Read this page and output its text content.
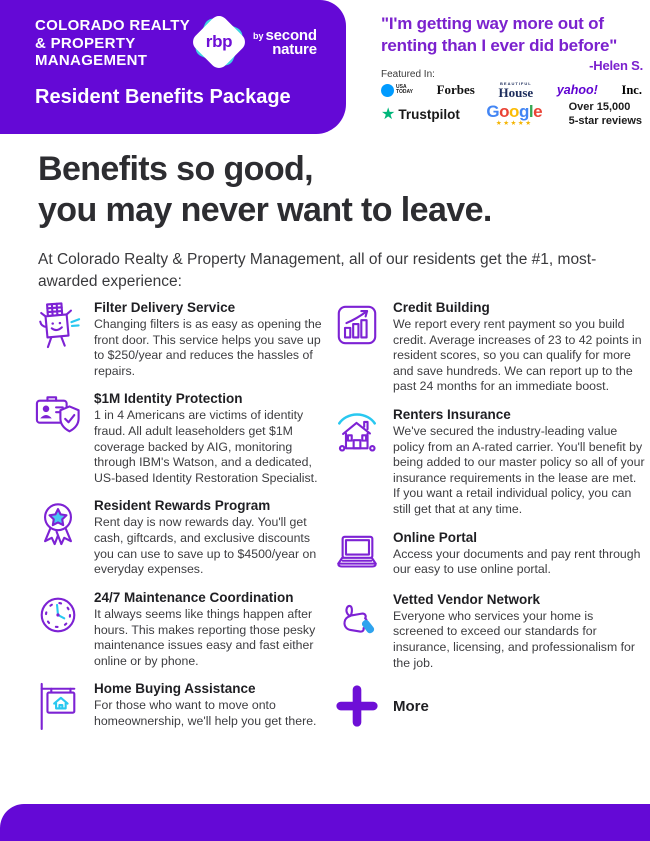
COLORADO REALTY
& PROPERTY
MANAGEMENT
rbp	by second
nature
Resident Benefits Package
"I'm getting way more out of
renting than I ever did before"
-Helen S.
Featured In:
USA
TODAY Forbes	BEAUTIFUL
House yahoo! Inc.
★ Trustpilot Google
★★★★★
Over 15,000
5-star reviews
Benefits so good,
you may never want to leave.
At Colorado Realty & Property Management, all of our residents get the #1, most-awarded experience:
Filter Delivery Service
Changing filters is as easy as opening the front door. This service helps you save up to $250/year and reduces the hassles of repairs.
$1M Identity Protection
1 in 4 Americans are victims of identity fraud. All adult leaseholders get $1M coverage backed by AIG, monitoring through IBM's Watson, and a dedicated, US-based Identity Restoration Specialist.
Resident Rewards Program
Rent day is now rewards day. You'll get cash, giftcards, and exclusive discounts you can use to save up to $4500/year on everyday expenses.
24/7 Maintenance Coordination
It always seems like things happen after hours. This makes reporting those pesky maintenance issues easy and fast either online or by phone.
Home Buying Assistance
For those who want to move onto homeownership, we'll help you get there.
Credit Building
We report every rent payment so you build credit. Average increases of 23 to 42 points in resident scores, so you can qualify for more and save hundreds. We can report up to the past 24 months for an immediate boost.
Renters Insurance
We've secured the industry-leading value policy from an A-rated carrier. You'll benefit by being added to our master policy so all of your insurance requirements in the lease are met. If you want a retail individual policy, you can still get that at any time.
Online Portal
Access your documents and pay rent through our easy to use online portal.
Vetted Vendor Network
Everyone who services your home is screened to exceed our standards for insurance, licensing, and professionalism for the job.
More
